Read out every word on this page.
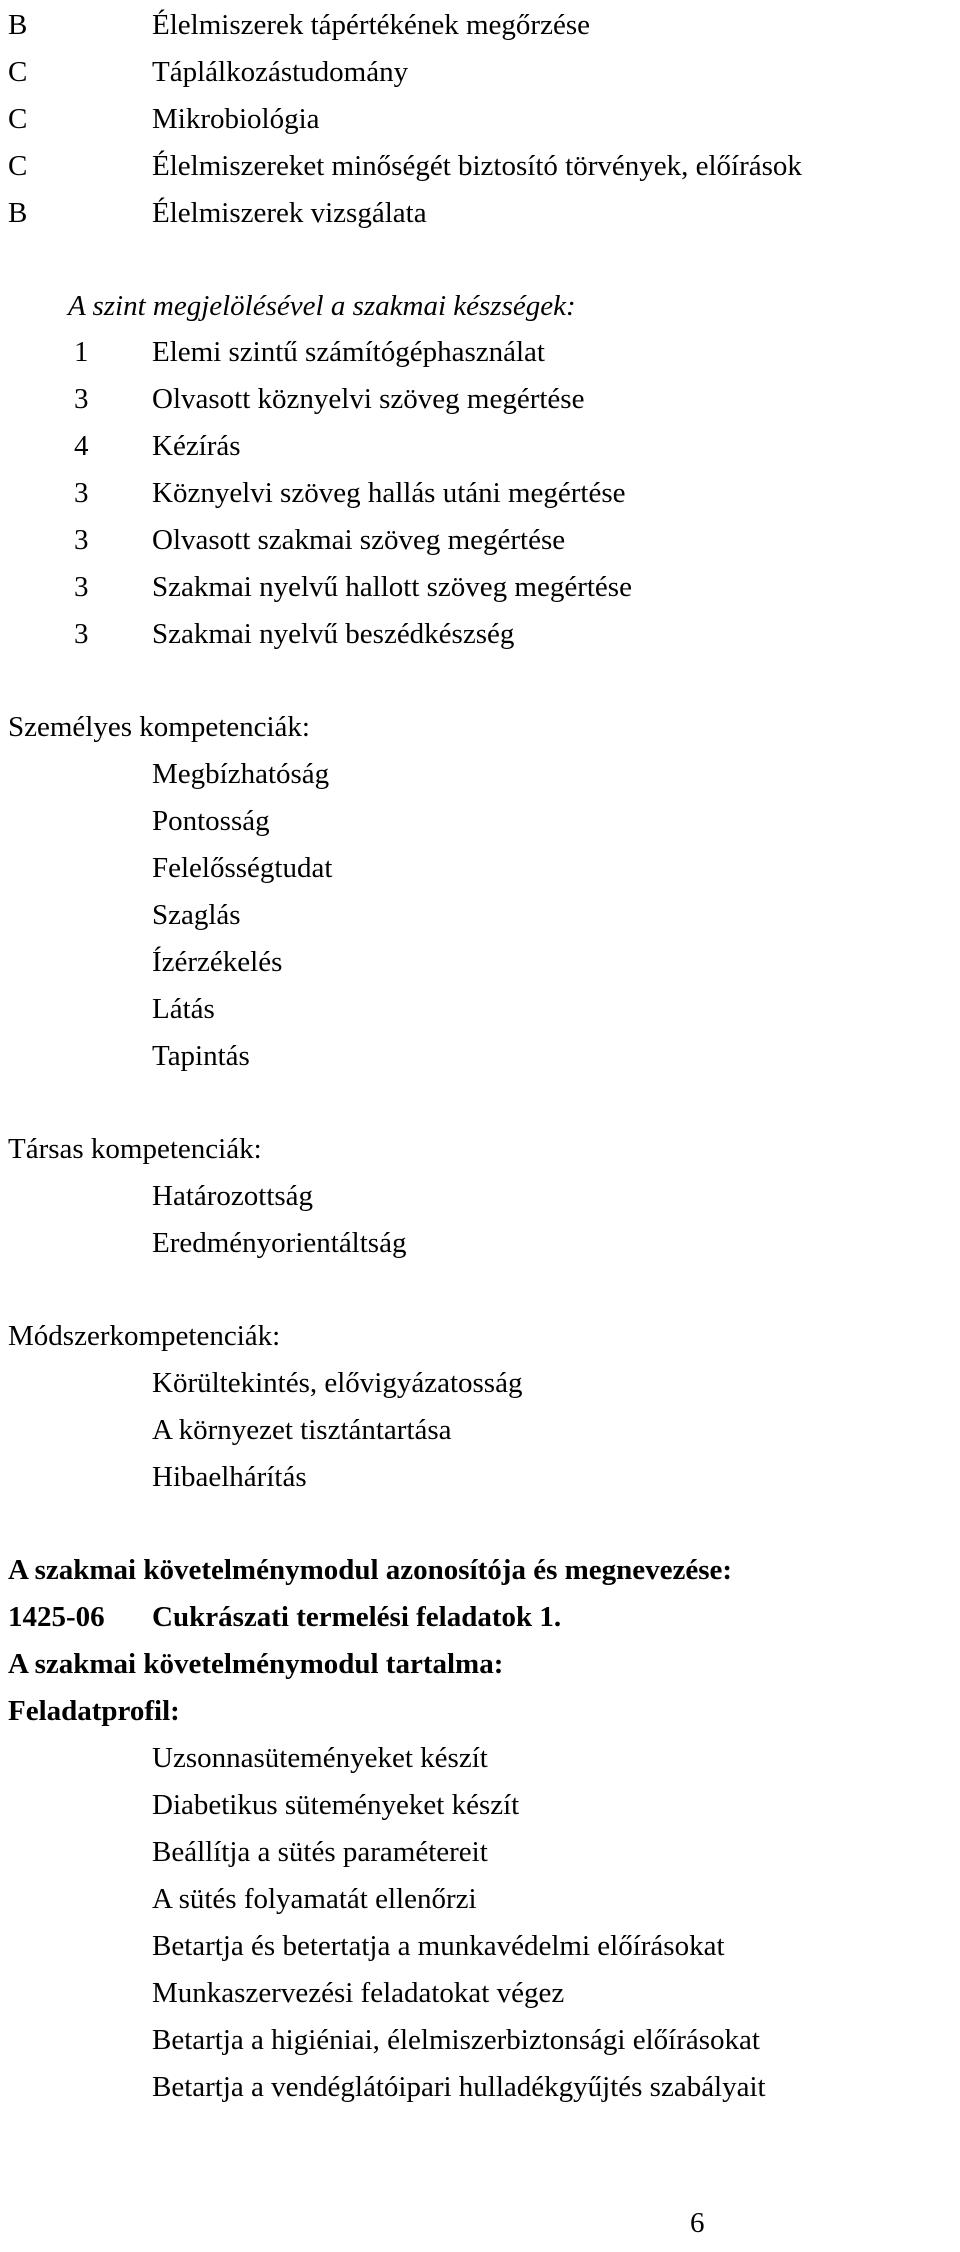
B	Élelmiszerek tápértékének megőrzése
C	Táplálkozástudomány
C	Mikrobiológia
C	Élelmiszereket minőségét biztosító törvények, előírások
B	Élelmiszerek vizsgálata
A szint megjelölésével a szakmai készségek:
1	Elemi szintű számítógéphasználat
3	Olvasott köznyelvi szöveg megértése
4	Kézírás
3	Köznyelvi szöveg hallás utáni megértése
3	Olvasott szakmai szöveg megértése
3	Szakmai nyelvű hallott szöveg megértése
3	Szakmai nyelvű beszédkészség
Személyes kompetenciák:
Megbízhatóság
Pontosság
Felelősségtudat
Szaglás
Ízérzékelés
Látás
Tapintás
Társas kompetenciák:
Határozottság
Eredményorientáltság
Módszerkompetenciák:
Körültekintés, elővigyázatosság
A környezet tisztántartása
Hibaelhárítás
A szakmai követelménymodul azonosítója és megnevezése:
1425-06 Cukrászati termelési feladatok 1.
A szakmai követelménymodul tartalma:
Feladatprofil:
Uzsonnasüteményeket készít
Diabetikus süteményeket készít
Beállítja a sütés paramétereit
A sütés folyamatát ellenőrzi
Betartja és betertatja a munkavédelmi előírásokat
Munkaszervezési feladatokat végez
Betartja a higiéniai, élelmiszerbiztonsági előírásokat
Betartja a vendéglátóipari hulladékgyűjtés szabályait
6
